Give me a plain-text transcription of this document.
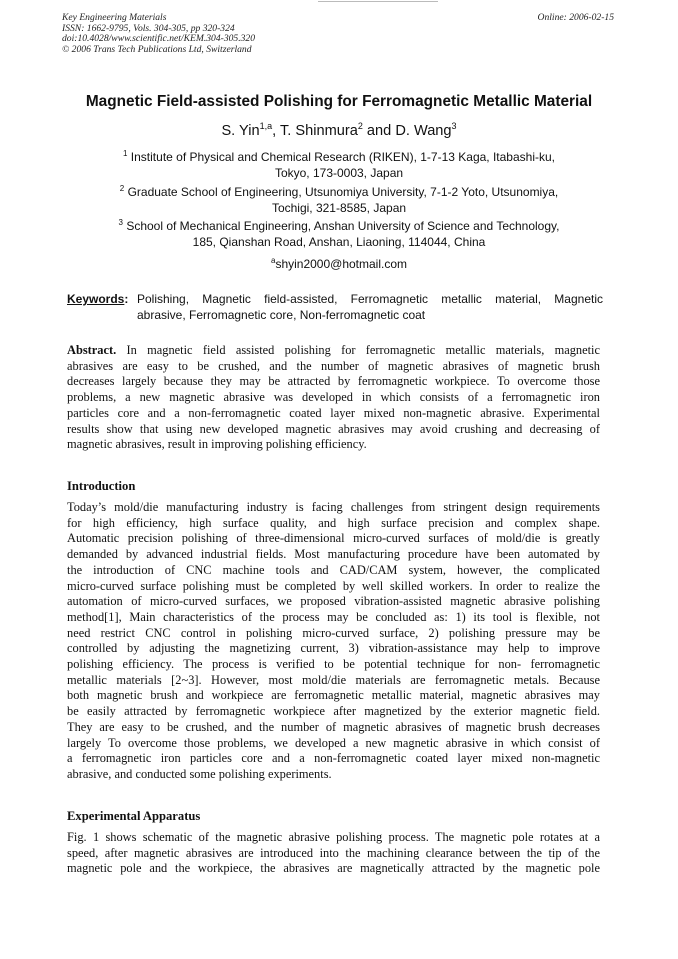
Key Engineering Materials
ISSN: 1662-9795, Vols. 304-305, pp 320-324
doi:10.4028/www.scientific.net/KEM.304-305.320
© 2006 Trans Tech Publications Ltd, Switzerland
Online: 2006-02-15
Magnetic Field-assisted Polishing for Ferromagnetic Metallic Material
S. Yin$^{1,a}$, T. Shinmura$^2$ and D. Wang$^3$
$^1$ Institute of Physical and Chemical Research (RIKEN), 1-7-13 Kaga, Itabashi-ku,
Tokyo, 173-0003, Japan
$^2$ Graduate School of Engineering, Utsunomiya University, 7-1-2 Yoto, Utsunomiya,
Tochigi, 321-8585, Japan
$^3$ School of Mechanical Engineering, Anshan University of Science and Technology,
185, Qianshan Road, Anshan, Liaoning, 114044, China
$^a$shyin2000@hotmail.com
Keywords: Polishing, Magnetic field-assisted, Ferromagnetic metallic material, Magnetic
abrasive, Ferromagnetic core, Non-ferromagnetic coat
Abstract. In magnetic field assisted polishing for ferromagnetic metallic materials, magnetic
abrasives are easy to be crushed, and the number of magnetic abrasives of magnetic brush
decreases largely because they may be attracted by ferromagnetic workpiece. To overcome those
problems, a new magnetic abrasive was developed in which consists of a ferromagnetic iron
particles core and a non-ferromagnetic coated layer mixed non-magnetic abrasive. Experimental
results show that using new developed magnetic abrasives may avoid crushing and decreasing of
magnetic abrasives, result in improving polishing efficiency.
Introduction
Today’s mold/die manufacturing industry is facing challenges from stringent design requirements
for high efficiency, high surface quality, and high surface precision and complex shape.
Automatic precision polishing of three-dimensional micro-curved surfaces of mold/die is greatly
demanded by advanced industrial fields. Most manufacturing procedure have been automated by
the introduction of CNC machine tools and CAD/CAM system, however, the complicated
micro-curved surface polishing must be completed by well skilled workers. In order to realize the
automation of micro-curved surfaces, we proposed vibration-assisted magnetic abrasive polishing
method[1], Main characteristics of the process may be concluded as: 1) its tool is flexible, not
need restrict CNC control in polishing micro-curved surface, 2) polishing pressure may be
controlled by adjusting the magnetizing current, 3) vibration-assistance may help to improve
polishing efficiency. The process is verified to be potential technique for non- ferromagnetic
metallic materials [2~3]. However, most mold/die materials are ferromagnetic metals. Because
both magnetic brush and workpiece are ferromagnetic metallic material, magnetic abrasives may
be easily attracted by ferromagnetic workpiece after magnetized by the exterior magnetic field.
They are easy to be crushed, and the number of magnetic abrasives of magnetic brush decreases
largely To overcome those problems, we developed a new magnetic abrasive in which consist of
a ferromagnetic iron particles core and a non-ferromagnetic coated layer mixed non-magnetic
abrasive, and conducted some polishing experiments.
Experimental Apparatus
Fig. 1 shows schematic of the magnetic abrasive polishing process. The magnetic pole rotates at a
speed, after magnetic abrasives are introduced into the machining clearance between the tip of the
magnetic pole and the workpiece, the abrasives are magnetically attracted by the magnetic pole
